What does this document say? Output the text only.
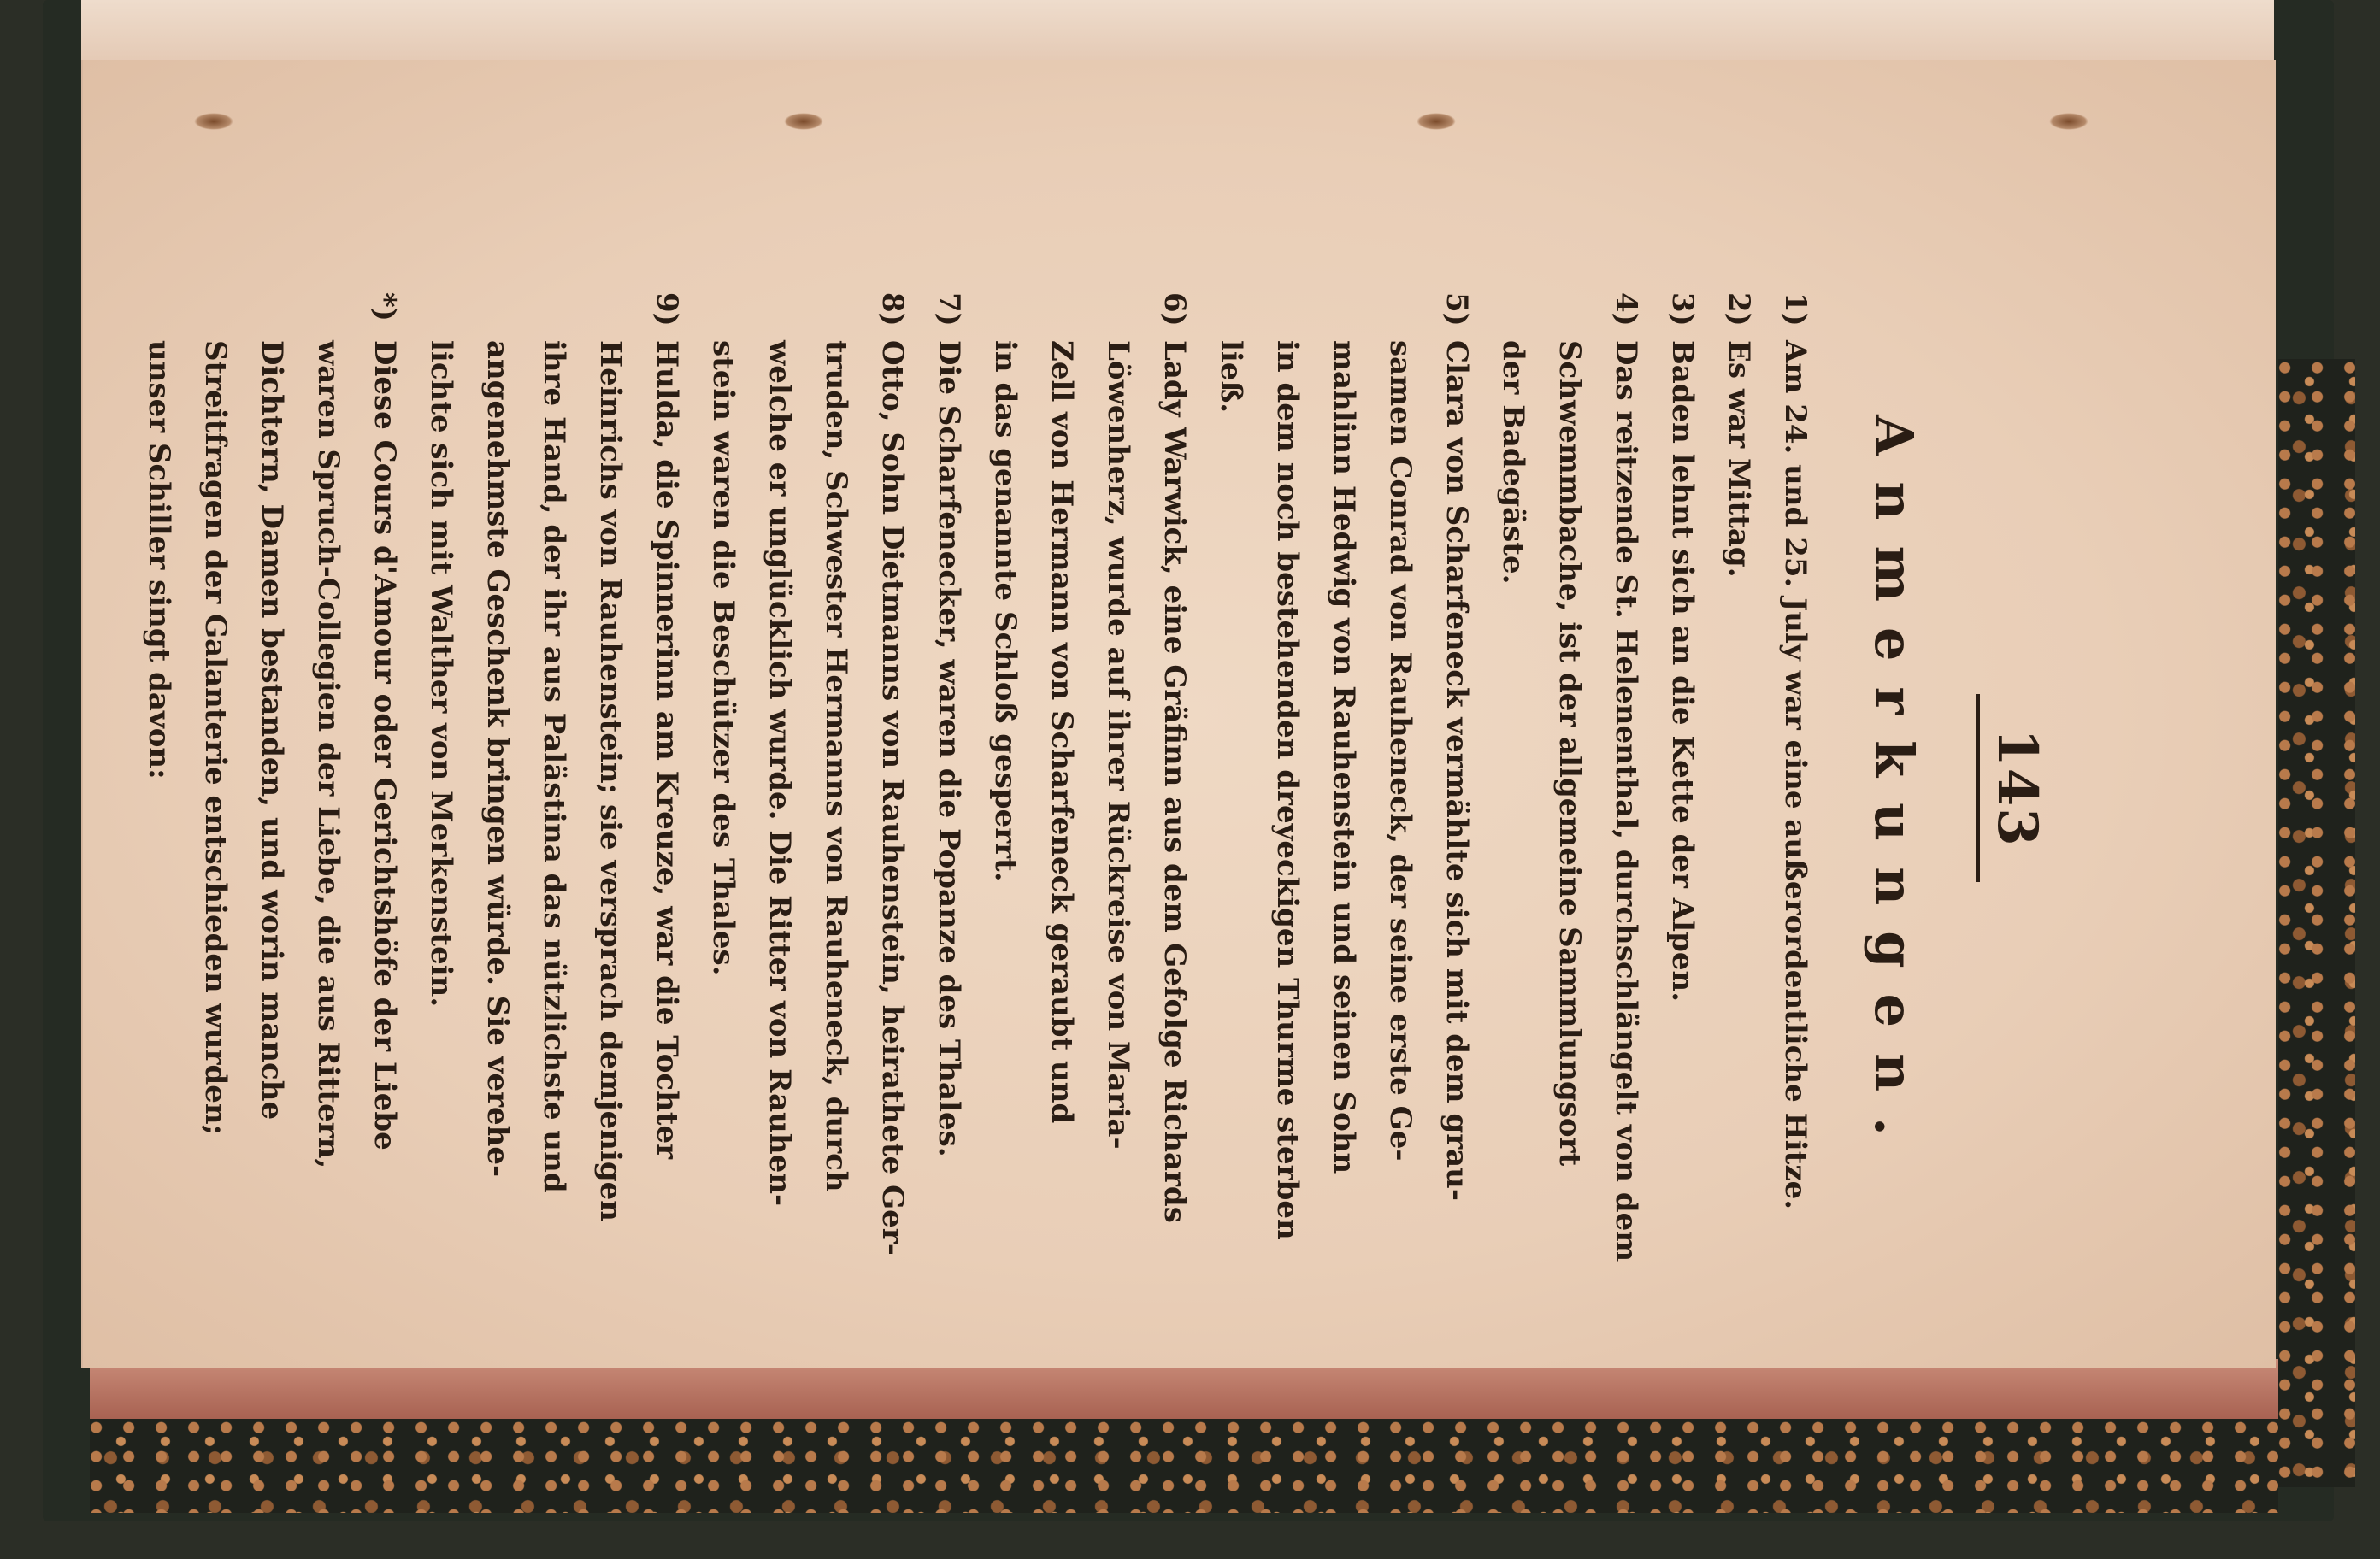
143
Anmerkungen.
1)Am 24. und 25. July war eine außerordentliche Hitze.
2)Es war Mittag.
3)Baden lehnt sich an die Kette der Alpen.
4)Das reitzende St. Helenenthal, durchschlängelt von dem
Schwemmbache, ist der allgemeine Sammlungsort
der Badegäste.
5)Clara von Scharfeneck vermählte sich mit dem grau-
samen Conrad von Rauheneck, der seine erste Ge-
mahlinn Hedwig von Rauhenstein und seinen Sohn
in dem noch bestehenden dreyeckigen Thurme sterben
ließ.
6)Lady Warwick, eine Gräfinn aus dem Gefolge Richards
Löwenherz, wurde auf ihrer Rückreise von Maria-
Zell von Hermann von Scharfeneck geraubt und
in das genannte Schloß gesperrt.
7)Die Scharfenecker, waren die Popanze des Thales.
8)Otto, Sohn Dietmanns von Rauhenstein, heirathete Ger-
truden, Schwester Hermanns von Rauheneck, durch
welche er unglücklich wurde. Die Ritter von Rauhen-
stein waren die Beschützer des Thales.
9)Hulda, die Spinnerinn am Kreuze, war die Tochter
Heinrichs von Rauhenstein; sie versprach demjenigen
ihre Hand, der ihr aus Palästina das nützlichste und
angenehmste Geschenk bringen würde. Sie verehe-
lichte sich mit Walther von Merkenstein.
*)Diese Cours d'Amour oder Gerichtshöfe der Liebe
waren Spruch-Collegien der Liebe, die aus Rittern,
Dichtern, Damen bestanden, und worin manche
Streitfragen der Galanterie entschieden wurden;
unser Schiller singt davon:
